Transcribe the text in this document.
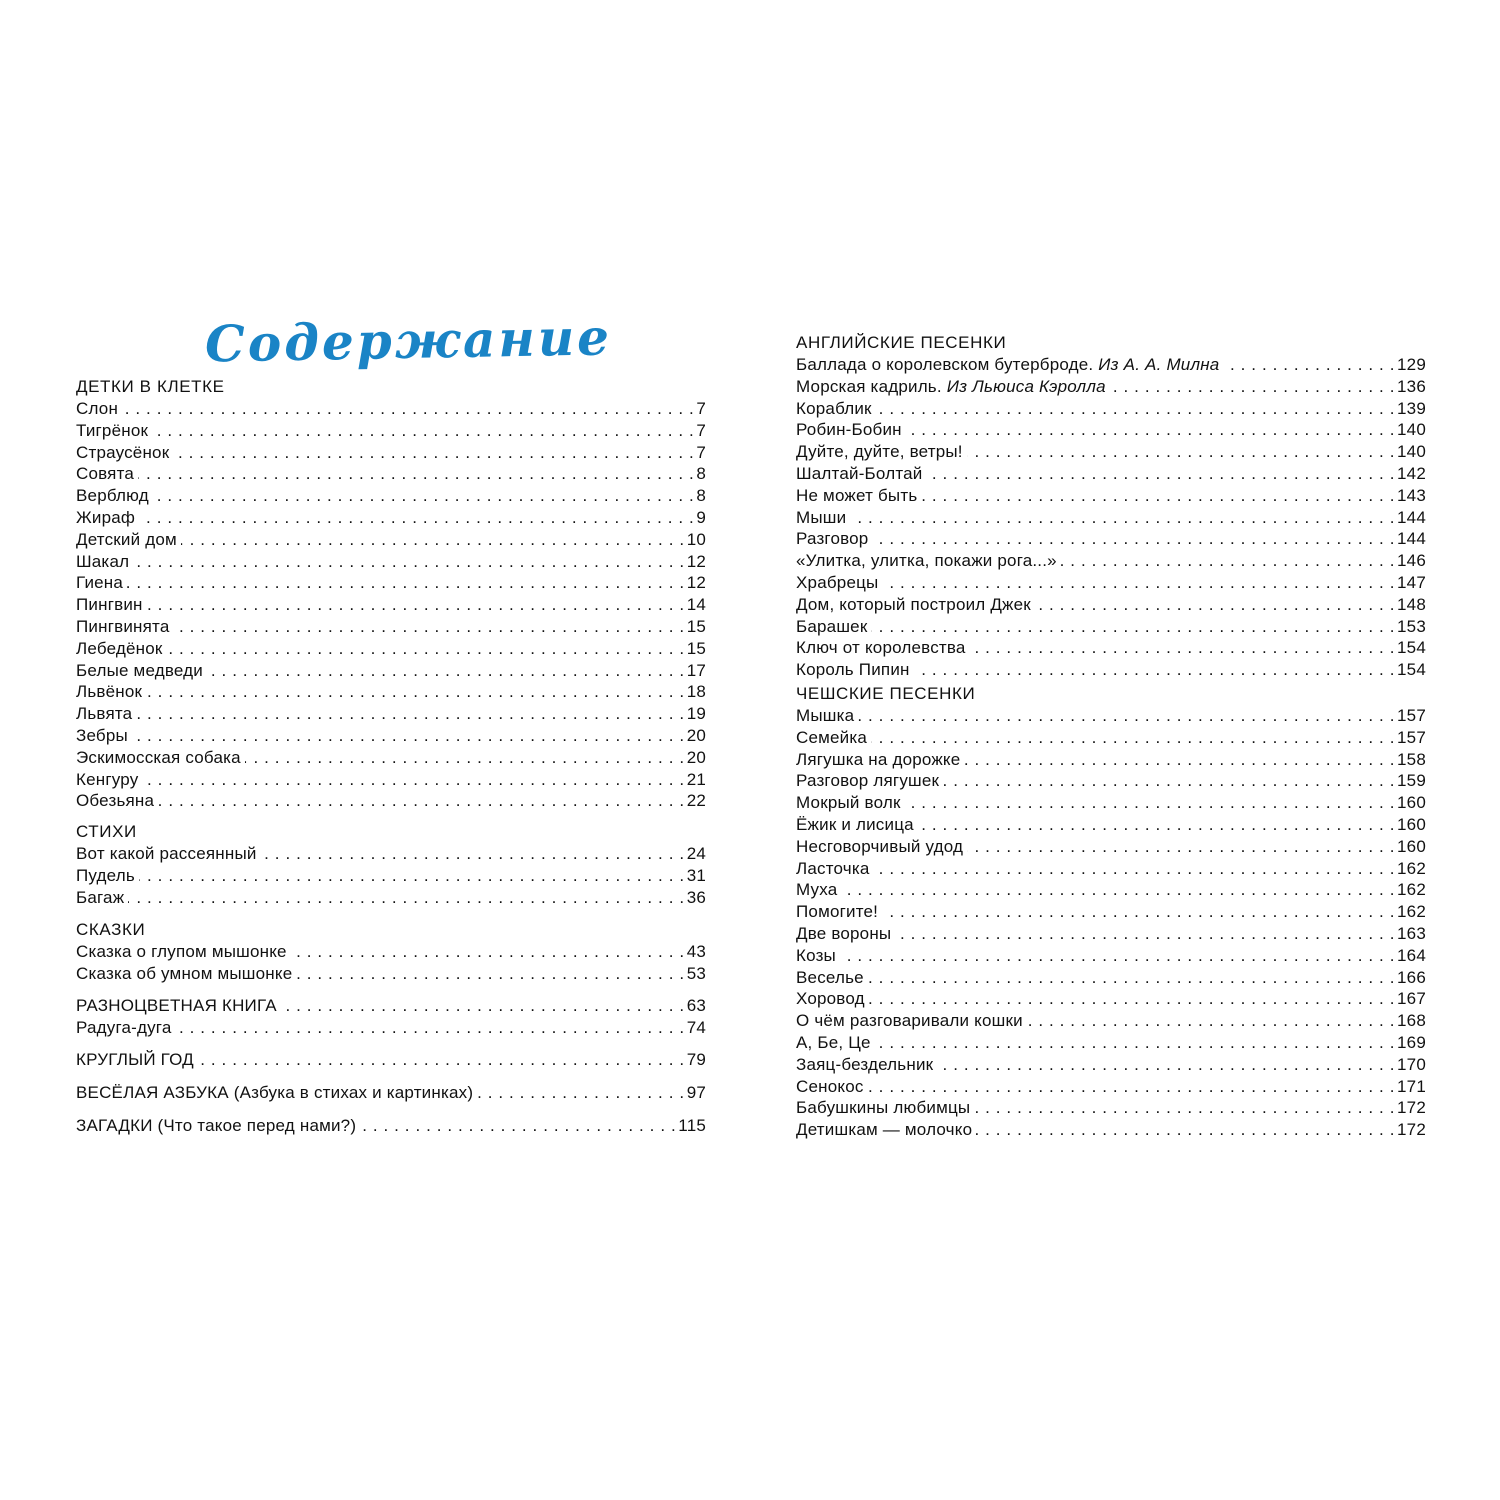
Содержание
ДЕТКИ В КЛЕТКЕ
Слон . . .	7
Тигрёнок . . .	7
Страусёнок . . .	7
Совята . . .	8
Верблюд . . .	8
Жираф . . .	9
Детский дом . . .	10
Шакал . . .	12
Гиена . . .	12
Пингвин . . .	14
Пингвинята . . .	15
Лебедёнок . . .	15
Белые медведи . . .	17
Львёнок . . .	18
Львята . . .	19
Зебры . . .	20
Эскимосская собака . . .	20
Кенгуру . . .	21
Обезьяна . . .	22
СТИХИ
Вот какой рассеянный . . .	24
Пудель . . .	31
Багаж . . .	36
СКАЗКИ
Сказка о глупом мышонке . . .	43
Сказка об умном мышонке . . .	53
РАЗНОЦВЕТНАЯ КНИГА . . .	63
Радуга-дуга . . .	74
КРУГЛЫЙ ГОД . . .	79
ВЕСЁЛАЯ АЗБУКА (Азбука в стихах и картинках) . . .	97
ЗАГАДКИ (Что такое перед нами?) . . .	115
АНГЛИЙСКИЕ ПЕСЕНКИ
Баллада о королевском бутерброде. Из А. А. Милна . . .	129
Морская кадриль. Из Льюиса Кэролла . . .	136
Кораблик . . .	139
Робин-Бобин . . .	140
Дуйте, дуйте, ветры! . . .	140
Шалтай-Болтай . . .	142
Не может быть . . .	143
Мыши . . .	144
Разговор . . .	144
«Улитка, улитка, покажи рога...» . . .	146
Храбрецы . . .	147
Дом, который построил Джек . . .	148
Барашек . . .	153
Ключ от королевства . . .	154
Король Пипин . . .	154
ЧЕШСКИЕ ПЕСЕНКИ
Мышка . . .	157
Семейка . . .	157
Лягушка на дорожке . . .	158
Разговор лягушек . . .	159
Мокрый волк . . .	160
Ёжик и лисица . . .	160
Несговорчивый удод . . .	160
Ласточка . . .	162
Муха . . .	162
Помогите! . . .	162
Две вороны . . .	163
Козы . . .	164
Веселье . . .	166
Хоровод . . .	167
О чём разговаривали кошки . . .	168
А, Бе, Це . . .	169
Заяц-бездельник . . .	170
Сенокос . . .	171
Бабушкины любимцы . . .	172
Детишкам — молочко . . .	172
